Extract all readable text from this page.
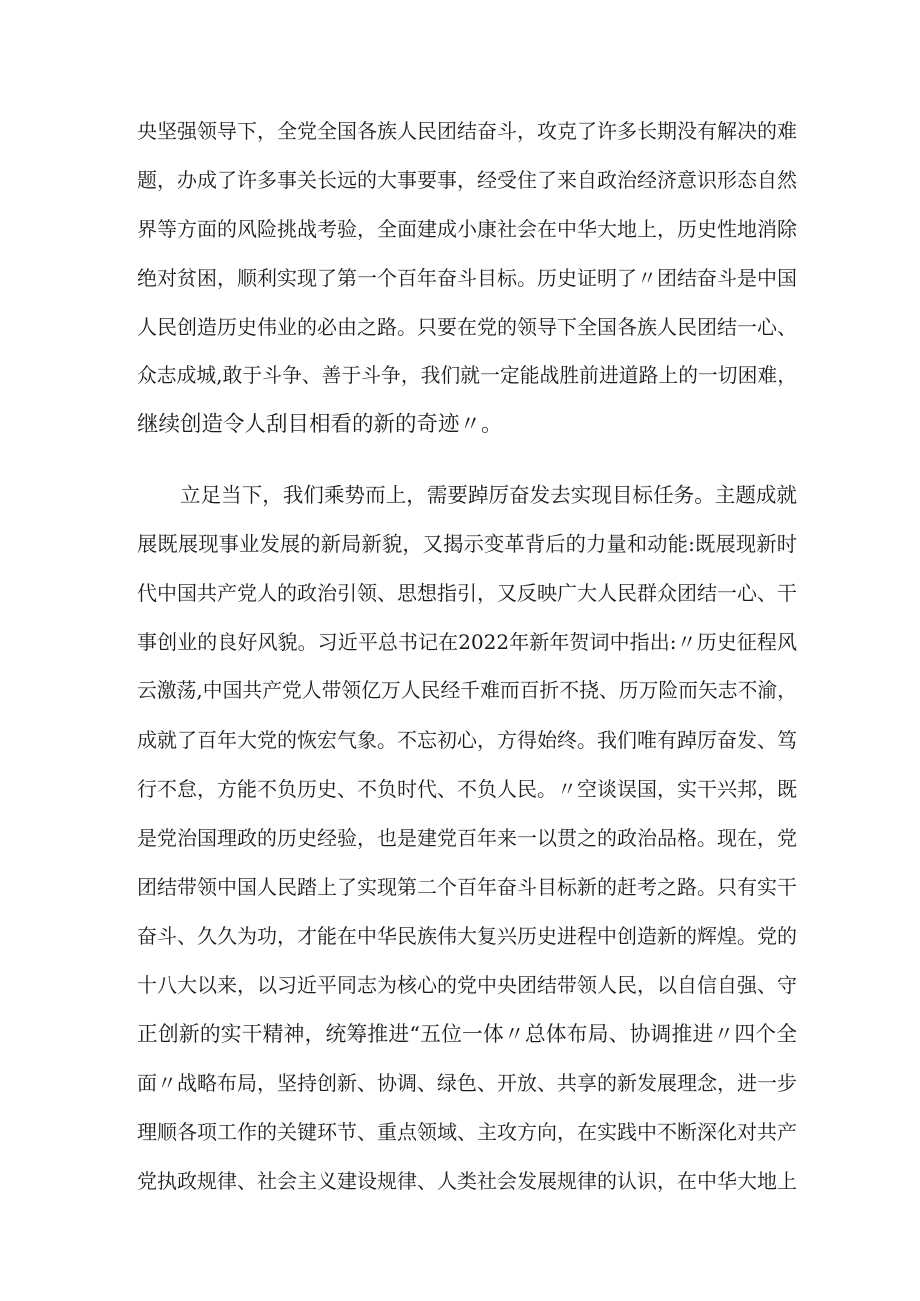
央坚强领导下，全党全国各族人民团结奋斗，攻克了许多长期没有解决的难
题，办成了许多事关长远的大事要事，经受住了来自政治经济意识形态自然
界等方面的风险挑战考验，全面建成小康社会在中华大地上，历史性地消除
绝对贫困，顺利实现了第一个百年奋斗目标。历史证明了〃团结奋斗是中国
人民创造历史伟业的必由之路。只要在党的领导下全国各族人民团结一心、
众志成城,敢于斗争、善于斗争，我们就一定能战胜前进道路上的一切困难，
继续创造令人刮目相看的新的奇迹〃。
立足当下，我们乘势而上，需要踔厉奋发去实现目标任务。主题成就
展既展现事业发展的新局新貌，又揭示变革背后的力量和动能:既展现新时
代中国共产党人的政治引领、思想指引，又反映广大人民群众团结一心、干
事创业的良好风貌。习近平总书记在2022年新年贺词中指出:〃历史征程风
云激荡,中国共产党人带领亿万人民经千难而百折不挠、历万险而矢志不渝，
成就了百年大党的恢宏气象。不忘初心，方得始终。我们唯有踔厉奋发、笃
行不怠，方能不负历史、不负时代、不负人民。〃空谈误国，实干兴邦，既
是党治国理政的历史经验，也是建党百年来一以贯之的政治品格。现在，党
团结带领中国人民踏上了实现第二个百年奋斗目标新的赶考之路。只有实干
奋斗、久久为功，才能在中华民族伟大复兴历史进程中创造新的辉煌。党的
十八大以来，以习近平同志为核心的党中央团结带领人民，以自信自强、守
正创新的实干精神，统筹推进“五位一体〃总体布局、协调推进〃四个全
面〃战略布局，坚持创新、协调、绿色、开放、共享的新发展理念，进一步
理顺各项工作的关键环节、重点领域、主攻方向，在实践中不断深化对共产
党执政规律、社会主义建设规律、人类社会发展规律的认识，在中华大地上
